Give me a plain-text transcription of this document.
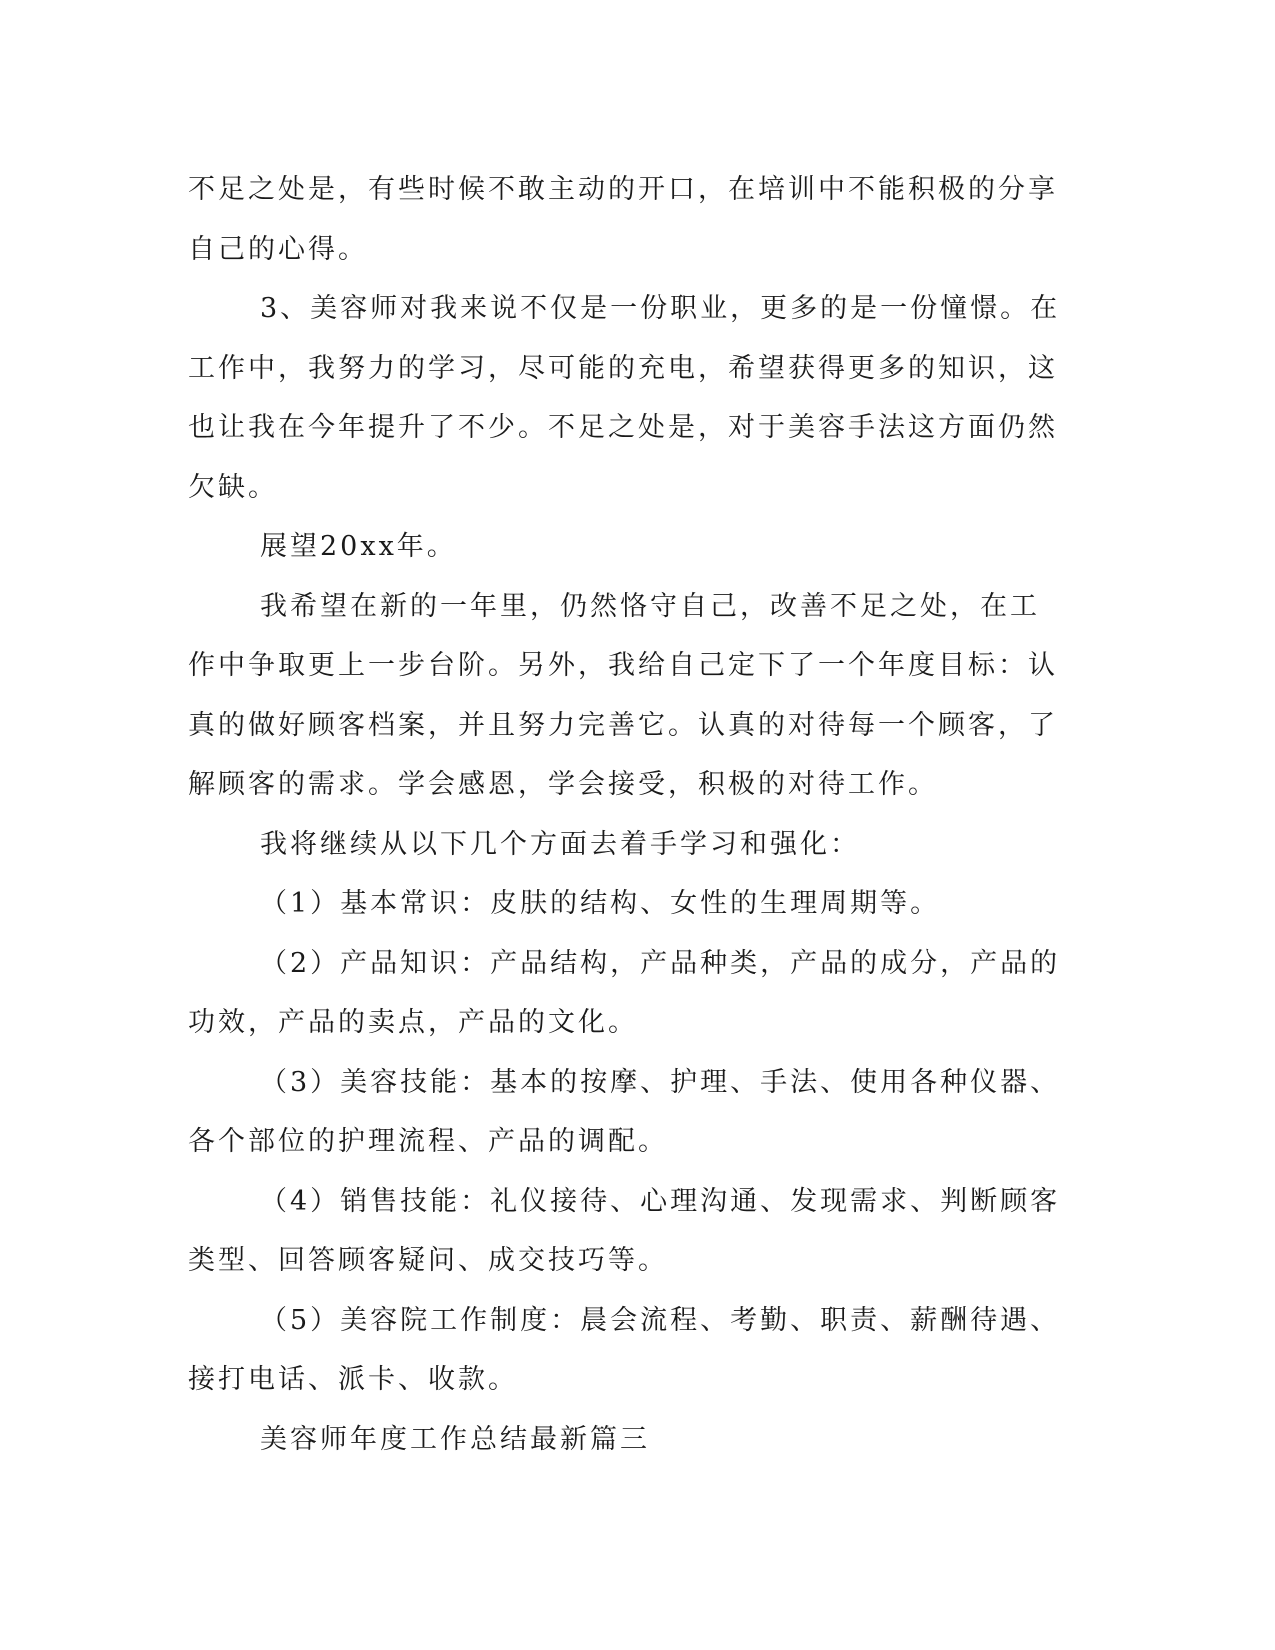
不足之处是，有些时候不敢主动的开口，在培训中不能积极的分享自己的心得。

3、美容师对我来说不仅是一份职业，更多的是一份憧憬。在工作中，我努力的学习，尽可能的充电，希望获得更多的知识，这也让我在今年提升了不少。不足之处是，对于美容手法这方面仍然欠缺。

展望20xx年。

我希望在新的一年里，仍然恪守自己，改善不足之处，在工作中争取更上一步台阶。另外，我给自己定下了一个年度目标：认真的做好顾客档案，并且努力完善它。认真的对待每一个顾客，了解顾客的需求。学会感恩，学会接受，积极的对待工作。

我将继续从以下几个方面去着手学习和强化：

（1）基本常识：皮肤的结构、女性的生理周期等。

（2）产品知识：产品结构，产品种类，产品的成分，产品的功效，产品的卖点，产品的文化。

（3）美容技能：基本的按摩、护理、手法、使用各种仪器、各个部位的护理流程、产品的调配。

（4）销售技能：礼仪接待、心理沟通、发现需求、判断顾客类型、回答顾客疑问、成交技巧等。

（5）美容院工作制度：晨会流程、考勤、职责、薪酬待遇、接打电话、派卡、收款。

美容师年度工作总结最新篇三
